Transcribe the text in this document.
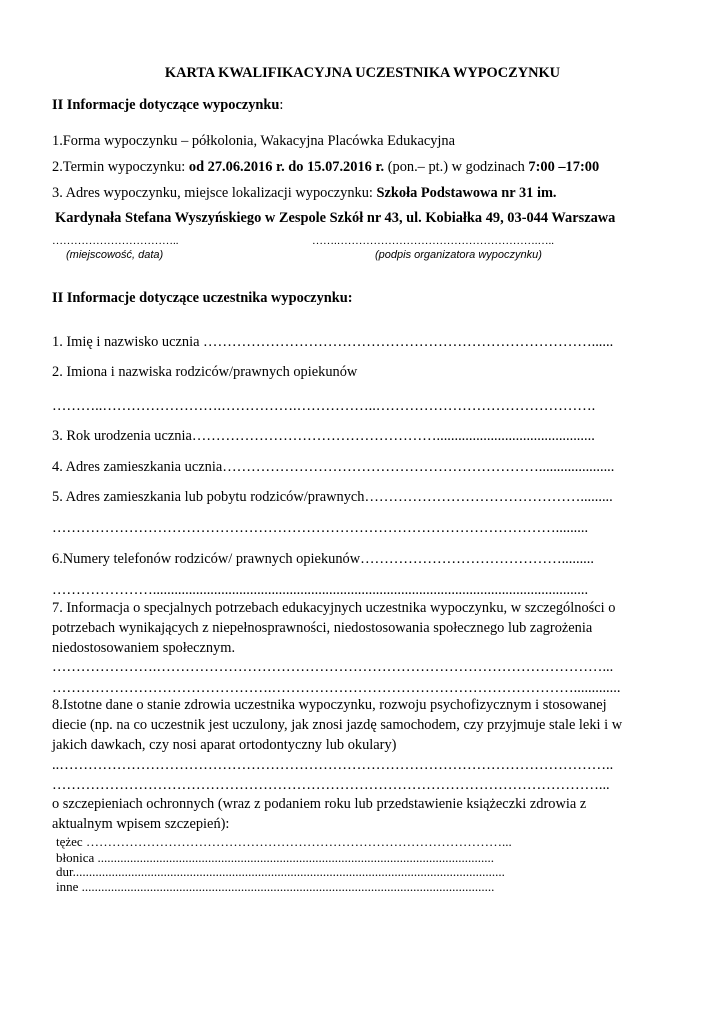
KARTA KWALIFIKACYJNA UCZESTNIKA WYPOCZYNKU
II Informacje dotyczące wypoczynku:
1.Forma wypoczynku – półkolonia, Wakacyjna Placówka Edukacyjna
2.Termin wypoczynku: od 27.06.2016 r. do 15.07.2016 r. (pon.– pt.) w godzinach 7:00 –17:00
3. Adres wypoczynku, miejsce lokalizacji wypoczynku: Szkoła Podstawowa nr 31 im.
Kardynała Stefana Wyszyńskiego w Zespole Szkół nr 43, ul. Kobiałka 49, 03-044 Warszawa
……………………………..	…….……………………………………………….…..
(miejscowość, data)	(podpis organizatora wypoczynku)
II Informacje dotyczące uczestnika wypoczynku:
1. Imię i nazwisko ucznia ………………………………………………………………………......
2. Imiona i nazwiska rodziców/prawnych opiekunów
………..…………………….…………….……………..……………………………………….
3. Rok urodzenia ucznia……………………………………………............................................
4. Adres zamieszkania ucznia………………………………………………………….....................
5. Adres zamieszkania lub pobytu rodziców/prawnych……………………………………….........
…………………………………………………………………………………………….........
6.Numery telefonów rodziców/ prawnych opiekunów…………………………………….........
………………….........................................................................................................................
7. Informacja o specjalnych potrzebach edukacyjnych uczestnika wypoczynku, w szczególności o
potrzebach wynikających z niepełnosprawności, niedostosowania społecznego lub zagrożenia
niedostosowaniem społecznym.
………………….…………………………………………………………………………………...
……………………………………….……………………………………………………….............
8.Istotne dane o stanie zdrowia uczestnika wypoczynku, rozwoju psychofizycznym i stosowanej
diecie (np. na co uczestnik jest uczulony, jak znosi jazdę samochodem, czy przyjmuje stale leki i w
jakich dawkach, czy nosi aparat ortodontyczny lub okulary)
..……………………………………………………………………………………………………..
……………………………………………………………………………………………………...
o szczepieniach ochronnych (wraz z podaniem roku lub przedstawienie książeczki zdrowia z
aktualnym wpisem szczepień):
tężec ……………………………………………………………………………………...
błonica ..........................................................................................................................
dur.....................................................................................................................................
inne ...............................................................................................................................
